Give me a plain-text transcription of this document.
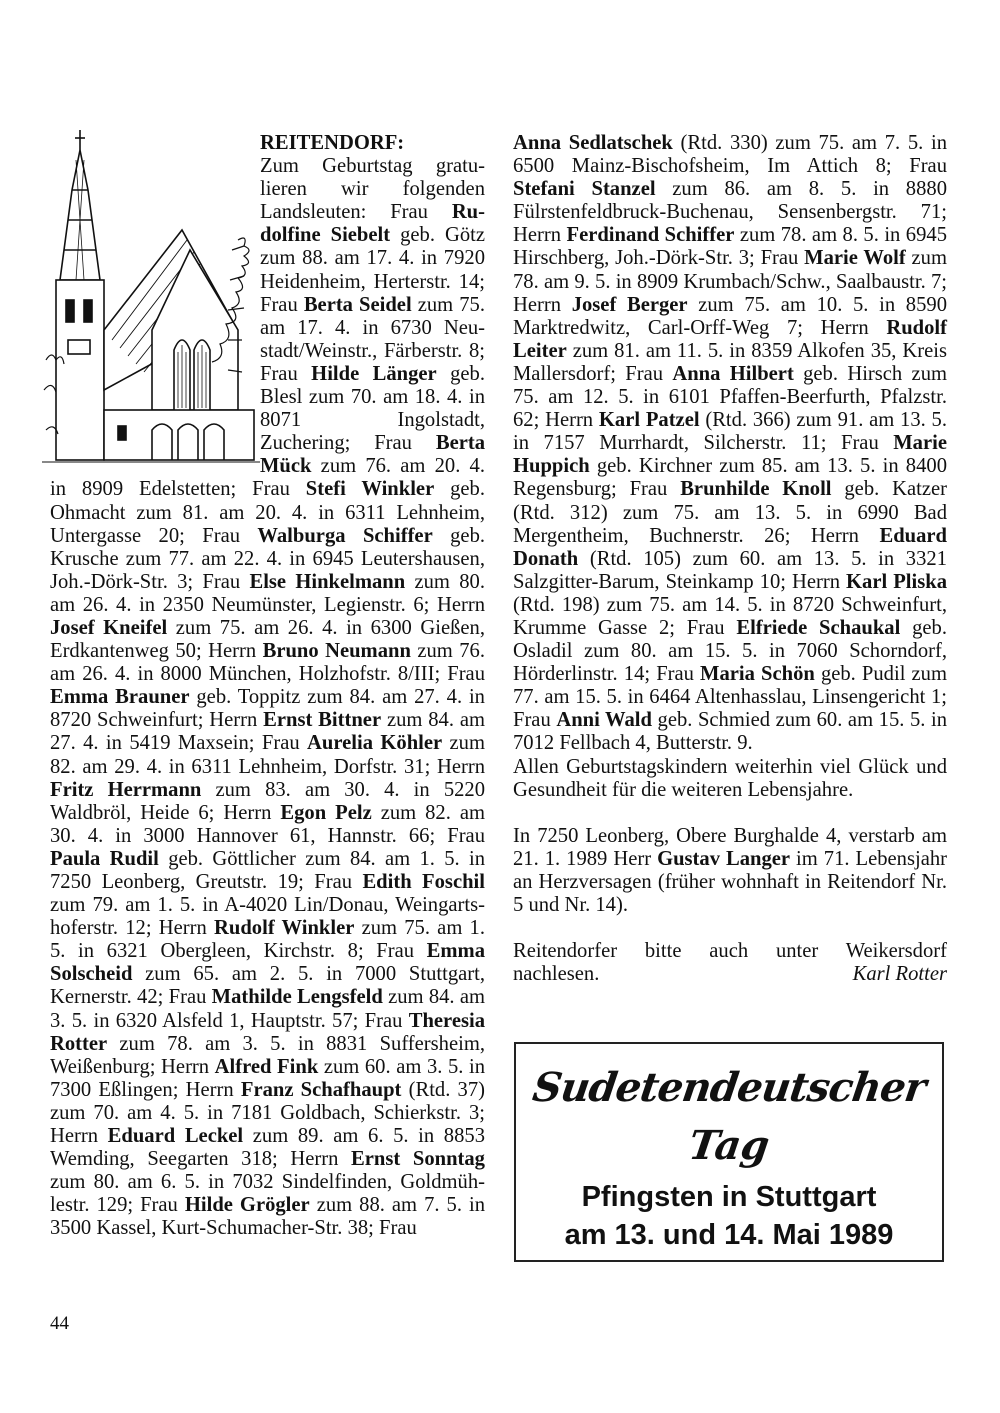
REITENDORF:
Zum Geburtstag gratulieren wir folgenden Landsleuten: Frau Rudolfine Siebelt geb. Götz zum 88. am 17. 4. in 7920 Heidenheim, Herterstr. 14; Frau Berta Seidel zum 75. am 17. 4. in 6730 Neustadt/Weinstr., Färberstr. 8; Frau Hilde Länger geb. Blesl zum 70. am 18. 4. in 8071 Ingolstadt, Zuchering; Frau Berta Mück zum 76. am 20. 4. in 8909 Edelstetten; Frau Stefi Winkler geb. Ohmacht zum 81. am 20. 4. in 6311 Lehnheim, Untergasse 20; Frau Walburga Schiffer geb. Krusche zum 77. am 22. 4. in 6945 Leutershausen, Joh.-Dörk-Str. 3; Frau Else Hinkelmann zum 80. am 26. 4. in 2350 Neumünster, Legienstr. 6; Herrn Josef Kneifel zum 75. am 26. 4. in 6300 Gießen, Erdkantenweg 50; Herrn Bruno Neumann zum 76. am 26. 4. in 8000 München, Holzhofstr. 8/III; Frau Emma Brauner geb. Toppitz zum 84. am 27. 4. in 8720 Schweinfurt; Herrn Ernst Bittner zum 84. am 27. 4. in 5419 Maxsein; Frau Aurelia Köhler zum 82. am 29. 4. in 6311 Lehnheim, Dorfstr. 31; Herrn Fritz Herrmann zum 83. am 30. 4. in 5220 Waldbröl, Heide 6; Herrn Egon Pelz zum 82. am 30. 4. in 3000 Hannover 61, Hannstr. 66; Frau Paula Rudil geb. Göttlicher zum 84. am 1. 5. in 7250 Leonberg, Greutstr. 19; Frau Edith Foschil zum 79. am 1. 5. in A-4020 Lin/Donau, Weingartshoferstr. 12; Herrn Rudolf Winkler zum 75. am 1. 5. in 6321 Obergleen, Kirchstr. 8; Frau Emma Solscheid zum 65. am 2. 5. in 7000 Stuttgart, Kernerstr. 42; Frau Mathilde Lengsfeld zum 84. am 3. 5. in 6320 Alsfeld 1, Hauptstr. 57; Frau Theresia Rotter zum 78. am 3. 5. in 8831 Suffersheim, Weißenburg; Herrn Alfred Fink zum 60. am 3. 5. in 7300 Eßlingen; Herrn Franz Schafhaupt (Rtd. 37) zum 70. am 4. 5. in 7181 Goldbach, Schierkstr. 3; Herrn Eduard Leckel zum 89. am 6. 5. in 8853 Wemding, Seegarten 318; Herrn Ernst Sonntag zum 80. am 6. 5. in 7032 Sindelfinden, Goldmühlestr. 129; Frau Hilde Grögler zum 88. am 7. 5. in 3500 Kassel, Kurt-Schumacher-Str. 38; Frau

Anna Sedlatschek (Rtd. 330) zum 75. am 7. 5. in 6500 Mainz-Bischofsheim, Im Attich 8; Frau Stefani Stanzel zum 86. am 8. 5. in 8880 Fülrstenfeldbruck-Buchenau, Sensenbergstr. 71; Herrn Ferdinand Schiffer zum 78. am 8. 5. in 6945 Hirschberg, Joh.-Dörk-Str. 3; Frau Marie Wolf zum 78. am 9. 5. in 8909 Krumbach/Schw., Saalbaustr. 7; Herrn Josef Berger zum 75. am 10. 5. in 8590 Marktredwitz, Carl-Orff-Weg 7; Herrn Rudolf Leiter zum 81. am 11. 5. in 8359 Alkofen 35, Kreis Mallersdorf; Frau Anna Hilbert geb. Hirsch zum 75. am 12. 5. in 6101 Pfaffen-Beerfurth, Pfalzstr. 62; Herrn Karl Patzel (Rtd. 366) zum 91. am 13. 5. in 7157 Murrhardt, Silcherstr. 11; Frau Marie Huppich geb. Kirchner zum 85. am 13. 5. in 8400 Regensburg; Frau Brunhilde Knoll geb. Katzer (Rtd. 312) zum 75. am 13. 5. in 6990 Bad Mergentheim, Buchnerstr. 26; Herrn Eduard Donath (Rtd. 105) zum 60. am 13. 5. in 3321 Salzgitter-Barum, Steinkamp 10; Herrn Karl Pliska (Rtd. 198) zum 75. am 14. 5. in 8720 Schweinfurt, Krumme Gasse 2; Frau Elfriede Schaukal geb. Osladil zum 80. am 15. 5. in 7060 Schorndorf, Hörderlinstr. 14; Frau Maria Schön geb. Pudil zum 77. am 15. 5. in 6464 Altenhasslau, Linsengericht 1; Frau Anni Wald geb. Schmied zum 60. am 15. 5. in 7012 Fellbach 4, Butterstr. 9.

Allen Geburtstagskindern weiterhin viel Glück und Gesundheit für die weiteren Lebensjahre.

In 7250 Leonberg, Obere Burghalde 4, verstarb am 21. 1. 1989 Herr Gustav Langer im 71. Lebensjahr an Herzversagen (früher wohnhaft in Reitendorf Nr. 5 und Nr. 14).

Reitendorfer bitte auch unter Weikersdorf

nachlesen.	Karl Rotter
Sudetendeutscher
Tag
Pfingsten in Stuttgart
am 13. und 14. Mai 1989
44
